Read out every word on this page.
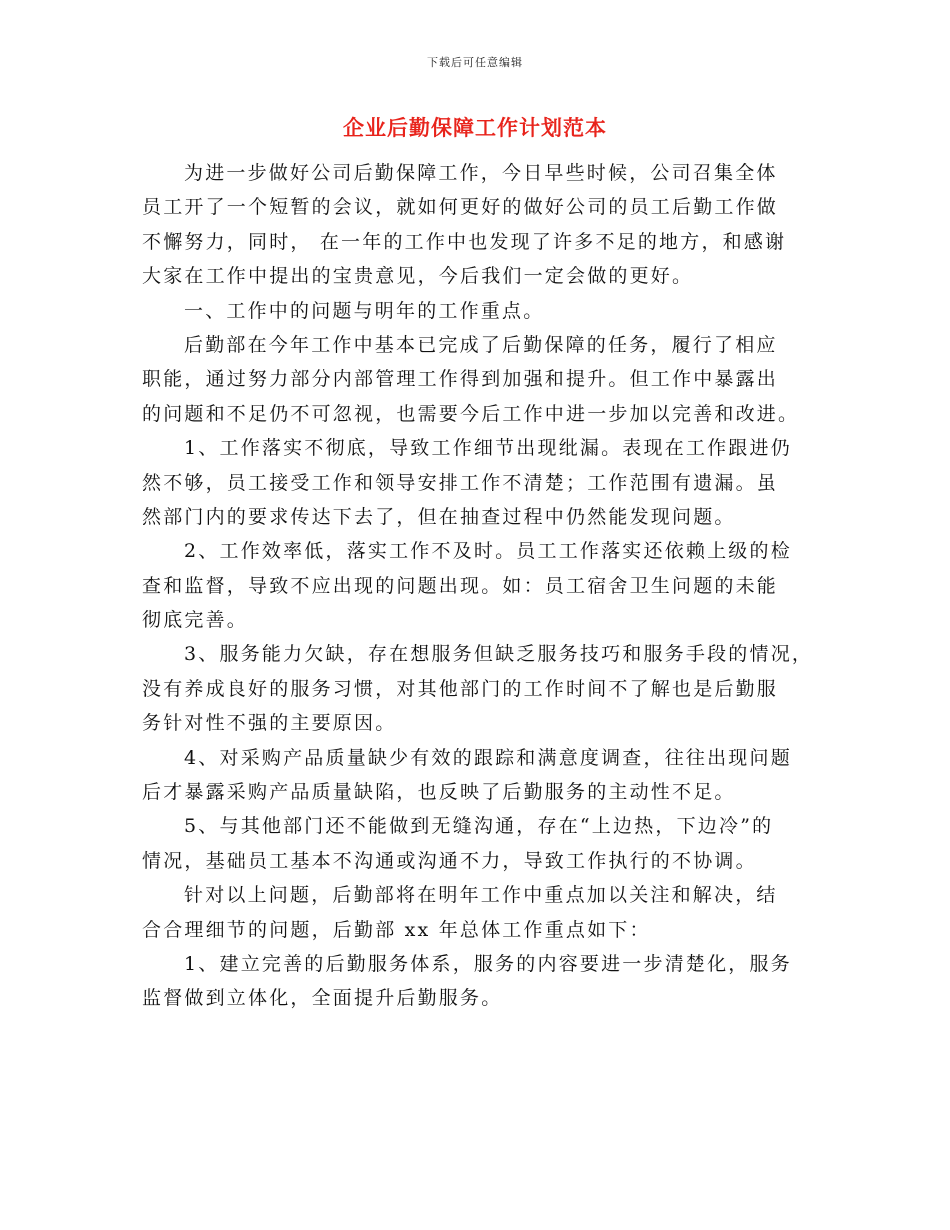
下载后可任意编辑
企业后勤保障工作计划范本
为进一步做好公司后勤保障工作，今日早些时候，公司召集全体
员工开了一个短暂的会议，就如何更好的做好公司的员工后勤工作做
不懈努力，同时， 在一年的工作中也发现了许多不足的地方，和感谢
大家在工作中提出的宝贵意见，今后我们一定会做的更好。
一、工作中的问题与明年的工作重点。
后勤部在今年工作中基本已完成了后勤保障的任务，履行了相应
职能，通过努力部分内部管理工作得到加强和提升。但工作中暴露出
的问题和不足仍不可忽视，也需要今后工作中进一步加以完善和改进。
1、工作落实不彻底，导致工作细节出现纰漏。表现在工作跟进仍
然不够，员工接受工作和领导安排工作不清楚；工作范围有遗漏。虽
然部门内的要求传达下去了，但在抽查过程中仍然能发现问题。
2、工作效率低，落实工作不及时。员工工作落实还依赖上级的检
查和监督，导致不应出现的问题出现。如：员工宿舍卫生问题的未能
彻底完善。
3、服务能力欠缺，存在想服务但缺乏服务技巧和服务手段的情况，
没有养成良好的服务习惯，对其他部门的工作时间不了解也是后勤服
务针对性不强的主要原因。
4、对采购产品质量缺少有效的跟踪和满意度调查，往往出现问题
后才暴露采购产品质量缺陷，也反映了后勤服务的主动性不足。
5、与其他部门还不能做到无缝沟通，存在“上边热，下边冷”的
情况，基础员工基本不沟通或沟通不力，导致工作执行的不协调。
针对以上问题，后勤部将在明年工作中重点加以关注和解决，结
合合理细节的问题，后勤部 xx 年总体工作重点如下：
1、建立完善的后勤服务体系，服务的内容要进一步清楚化，服务
监督做到立体化，全面提升后勤服务。
